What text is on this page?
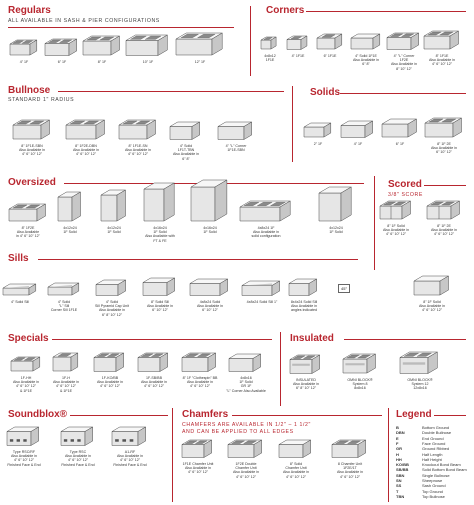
Regulars
ALL AVAILABLE IN SASH & PIER CONFIGURATIONS
Corners
Bullnose
STANDARD 1" RADIUS
Solids
Oversized	Scored
3/8" SCORE
Sills
Specials	Insulated
Soundblox®	Chamfers
CHAMFERS ARE AVAILABLE IN 1/2" – 1 1/2"
AND CAN BE APPLIED TO ALL EDGES
Legend
B	Bottom Ground
DBN	Double Bullnose
E	End Ground
F	Face Ground
GR	Ground Ribbed
H	Half Length
HH	Half Height
KO/BB	Knockout Bond Beam
SB/BB	Solid Bottom Bond Beam
SBN	Single Bullnose
SN	Sheepnose
SS	Sash Ground
T	Top Ground
TBN	Top Bullnose
4" 1F	6" 1F	8" 1F	10" 1F	12" 1F
4x8x12
1F1E
4" 1F1E	6" 1F1E	4" Solid 1F1E
Also Available in
6" 8"
4" "L" Corner
1F2E
Also Available in
8" 10" 12"
8" 1F1E
Also Available in
4" 6" 10" 12"
8" 1F1E-SBN
Also Available in
4" 6" 10" 12"
8" 1F2E-DBN
Also Available in
4" 6" 10" 12"
8" 1F1E-SN
Also Available in
4" 6" 10" 12"
4" Solid
1F1T-TBN
Also Available in
6" 8"
4" "L" Corner
1F1E-SBN
2" 1F	4" 1F	6" 1F	8" 1F 2E
Also Available in
6" 10" 12"
8" 1F2E
Also Available
in 4" 6" 10" 12"
4x12x24
1F Solid
4x12x24
1F Solid
4x16x24
1F Solid
Also Available with
FT & FE
4x16x24
1F Solid
4x8x24 1F
Also Available in
solid configuration
4x12x24
1F Solid
8" 1F Solid
Also Available in
4" 6" 10" 12"
8" 1F 2E
Also Available in
4" 6" 10" 12"
4" Solid Sill	4" Solid
"L" Sill
Corner Sill 1F1E
4" Solid
Sill Pyramid Cap Unit
Also Available in
6" 8" 10" 12"
8" Solid Sill
Also Available in
6" 10" 12"
4x8x24 Solid
Also Available in
6" 10" 12"
4x8x24 Solid Sill 1"	8x4x24 Solid Sill
Also Available in
angles indicated
8" 1F Solid
Also Available in
4" 6" 10" 12"
1F-HH
Also Available in
4" 6" 10" 12"
& 1F1E
1F-H
Also Available in
4" 6" 10" 12"
& 1F1E
1F-KO/BB
Also Available in
4" 6" 10" 12"
1F-SB/BB
Also Available in
4" 6" 10" 12"
8" 1F "Clothespin" BB
Also Available in
4" 6" 10" 12"
4x8x16
1F Solid
GR 1F
"L" Corner Also Available
INSULATED
Also Available in
6" 8" 10" 12"
OMNI BLOCK®
System 8
8x8x16
OMNI BLOCK®
System 12
12x8x16
Type RSC/RF
Also Available in
4" 6" 10" 12"
Finished Face & End
Type RSC
Also Available in
4" 6" 10" 12"
Finished Face & End
A1-RF
Also Available in
4" 6" 10" 12"
Finished Face & End	1F1E Chamfer Unit
Also Available in
4" 6" 10" 12"
1F2E Double
Chamfer Unit
Also Available in
4" 6" 10" 12"
8" Solid
Chamfer Unit
Also Available in
4" 6" 10" 12"
8 Chamfer Unit
1F2E/1T
Also Available in
4" 6" 10" 12"
45°
